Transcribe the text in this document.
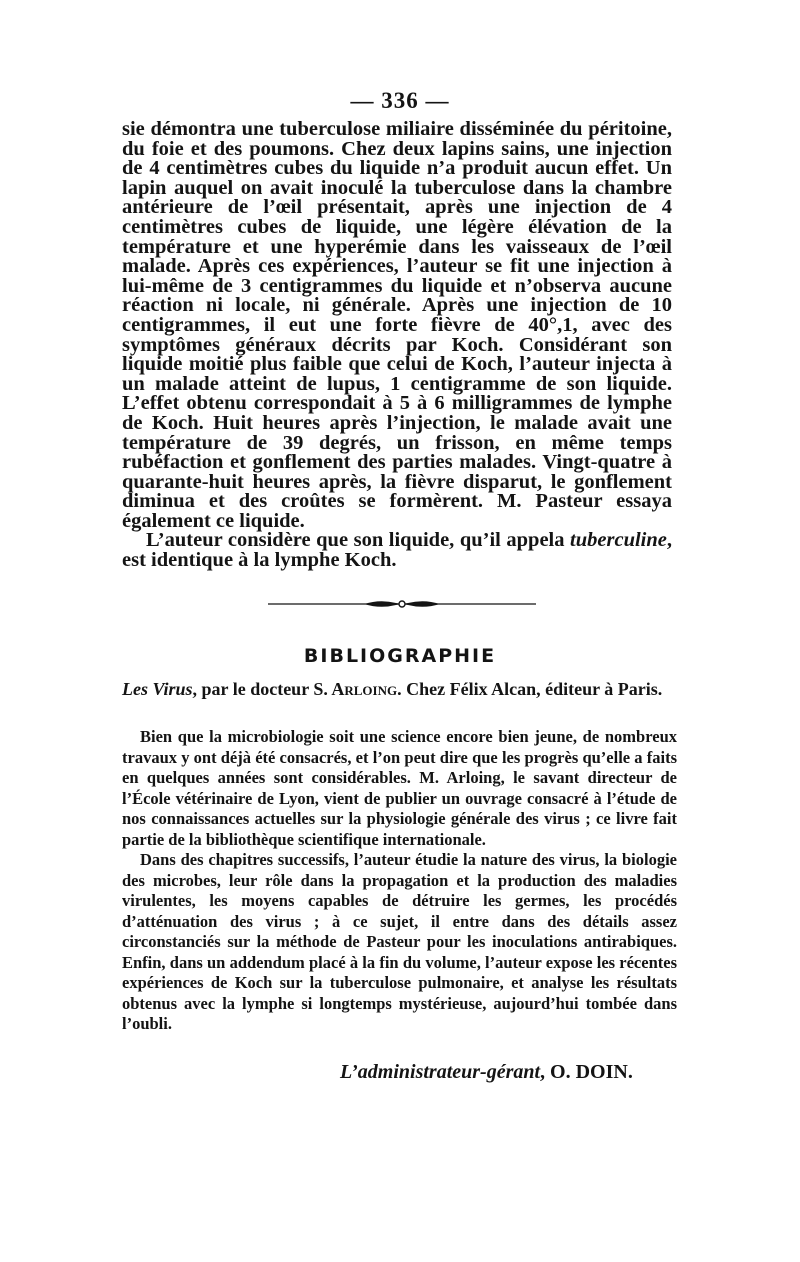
— 336 —

sie démontra une tuberculose miliaire disséminée du péritoine, du foie et des poumons. Chez deux lapins sains, une injection de 4 centimètres cubes du liquide n’a produit aucun effet. Un lapin auquel on avait inoculé la tuberculose dans la chambre antérieure de l’œil présentait, après une injection de 4 centimètres cubes de liquide, une légère élévation de la température et une hyperémie dans les vaisseaux de l’œil malade. Après ces expériences, l’auteur se fit une injection à lui-même de 3 centigrammes du liquide et n’observa aucune réaction ni locale, ni générale. Après une injection de 10 centigrammes, il eut une forte fièvre de 40°,1, avec des symptômes généraux décrits par Koch. Considérant son liquide moitié plus faible que celui de Koch, l’auteur injecta à un malade atteint de lupus, 1 centigramme de son liquide. L’effet obtenu correspondait à 5 à 6 milligrammes de lymphe de Koch. Huit heures après l’injection, le malade avait une température de 39 degrés, un frisson, en même temps rubéfaction et gonflement des parties malades. Vingt-quatre à quarante-huit heures après, la fièvre disparut, le gonflement diminua et des croûtes se formèrent. M. Pasteur essaya également ce liquide.

L’auteur considère que son liquide, qu’il appela tuberculine, est identique à la lymphe Koch.

BIBLIOGRAPHIE
Les Virus, par le docteur S. Arloing. Chez Félix Alcan, éditeur à Paris.

Bien que la microbiologie soit une science encore bien jeune, de nombreux travaux y ont déjà été consacrés, et l’on peut dire que les progrès qu’elle a faits en quelques années sont considérables. M. Arloing, le savant directeur de l’École vétérinaire de Lyon, vient de publier un ouvrage consacré à l’étude de nos connaissances actuelles sur la physiologie générale des virus ; ce livre fait partie de la bibliothèque scientifique internationale.

Dans des chapitres successifs, l’auteur étudie la nature des virus, la biologie des microbes, leur rôle dans la propagation et la production des maladies virulentes, les moyens capables de détruire les germes, les procédés d’atténuation des virus ; à ce sujet, il entre dans des détails assez circonstanciés sur la méthode de Pasteur pour les inoculations antirabiques. Enfin, dans un addendum placé à la fin du volume, l’auteur expose les récentes expériences de Koch sur la tuberculose pulmonaire, et analyse les résultats obtenus avec la lymphe si longtemps mystérieuse, aujourd’hui tombée dans l’oubli.

L’administrateur-gérant, O. DOIN.
